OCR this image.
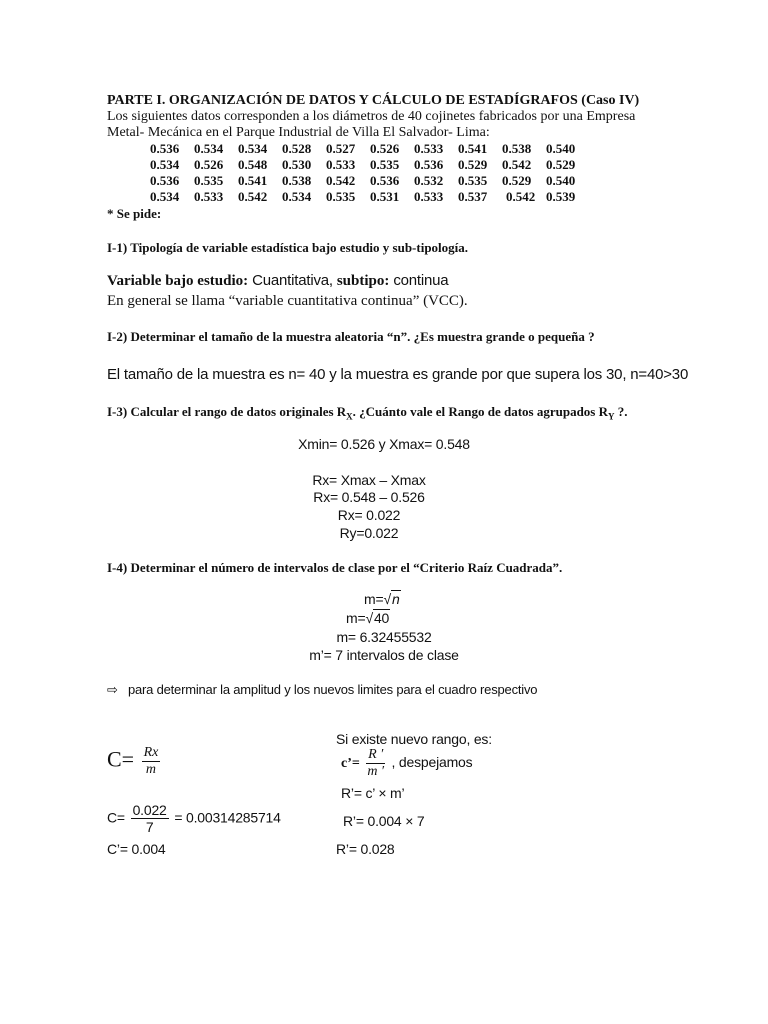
PARTE I. ORGANIZACIÓN DE DATOS Y CÁLCULO DE ESTADÍGRAFOS (Caso IV)
Los siguientes datos corresponden a los diámetros de 40 cojinetes fabricados por una Empresa
Metal- Mecánica en el Parque Industrial de Villa El Salvador- Lima:
0.536	0.534	0.534	0.528	0.527	0.526	0.533	0.541	0.538	0.540
0.534	0.526	0.548	0.530	0.533	0.535	0.536	0.529	0.542	0.529
0.536	0.535	0.541	0.538	0.542	0.536	0.532	0.535	0.529	0.540
0.534	0.533	0.542	0.534	0.535	0.531	0.533	0.537	0.542 0.539
* Se pide:
I-1) Tipología de variable estadística bajo estudio y sub-tipología.
Variable bajo estudio: Cuantitativa, subtipo: continua
En general se llama “variable cuantitativa continua” (VCC).
I-2) Determinar el tamaño de la muestra aleatoria “n”. ¿Es muestra grande o pequeña ?
El tamaño de la muestra es n= 40 y la muestra es grande por que supera los 30, n=40>30
I-3) Calcular el rango de datos originales $R_X$. ¿Cuánto vale el Rango de datos agrupados $R_Y$ ?.
Xmin= 0.526 y Xmax= 0.548
Rx= Xmax – Xmax
Rx= 0.548 – 0.526
Rx= 0.022
Ry=0.022
I-4) Determinar el número de intervalos de clase por el “Criterio Raíz Cuadrada”.
m=√n
m=√40
m= 6.32455532
m’= 7 intervalos de clase
⇨ para determinar la amplitud y los nuevos limites para el cuadro respectivo
$C= \frac{Rx}{m}$
$C= \frac{0.022}{7} = 0.00314285714$
C’= 0.004
Si existe nuevo rango, es:
c’= $\frac{R '}{m '}$ , despejamos
R’= c’ × m’
R’= 0.004 × 7
R’= 0.028
